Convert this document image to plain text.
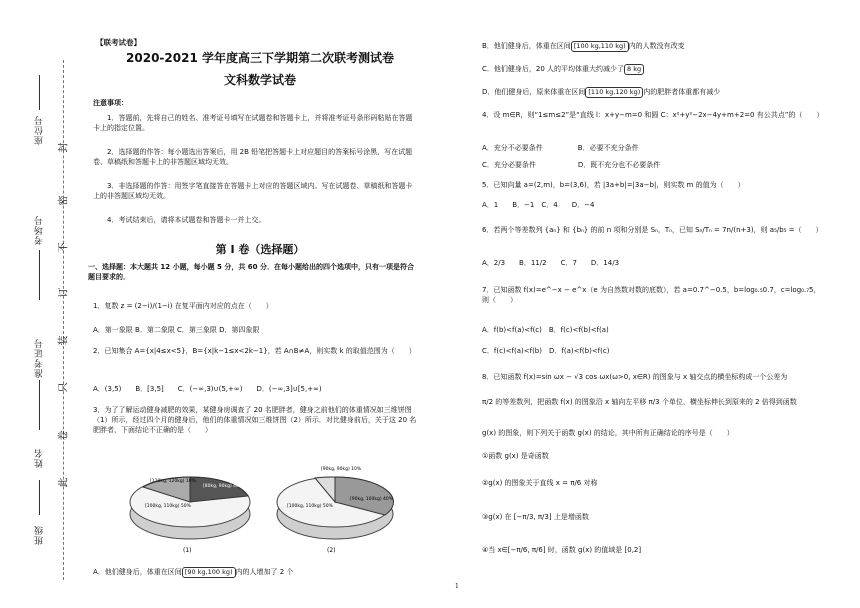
封
密
不
订
装
只
卷
此
座位号
考场号
准考证号
姓名
班级
【联考试卷】
2020-2021 学年度高三下学期第二次联考测试卷
文科数学试卷
注意事项：
1．答题前，先将自己的姓名、准考证号填写在试题卷和答题卡上，并将准考证号条形码粘贴在答题卡上的指定位置。
2．选择题的作答：每小题选出答案后，用 2B 铅笔把答题卡上对应题目的答案标号涂黑，写在试题卷、草稿纸和答题卡上的非答题区域均无效。
3．非选择题的作答：用签字笔直接答在答题卡上对应的答题区域内。写在试题卷、草稿纸和答题卡上的非答题区域均无效。
4．考试结束后，请将本试题卷和答题卡一并上交。
第 I 卷（选择题）
一、选择题：本大题共 12 小题，每小题 5 分，共 60 分．在每小题给出的四个选项中，只有一项是符合题目要求的．
1．复数 z = (2−i)/(1−i) 在复平面内对应的点在（　　）
A．第一象限 B．第二象限 C．第三象限 D．第四象限
2．已知集合 A={x|4≤x<5}，B={x|k−1≤x<2k−1}，若 A∩B≠A，则实数 k 的取值范围为（　　）
A．(3,5)　　B．[3,5]　　C．(−∞,3)∪(5,+∞)　　D．(−∞,3]∪[5,+∞)
3．为了了解运动健身减肥的效果，某健身房调查了 20 名肥胖者，健身之前他们的体重情况如三维饼图（1）所示，经过四个月的健身后，他们的体重情况如三维饼图（2）所示．对比健身前后，关于这 20 名肥胖者，下面结论不正确的是（　　）
[110kg, 120kg) 10%
[100kg, 110kg) 50%
[80kg, 90kg) 40%
(1)
[90kg, 90kg) 10%
[90kg, 100kg) 40%
[100kg, 110kg) 50%
(2)
A．他们健身后，体重在区间 [90 kg,100 kg) 内的人增加了 2 个
B．他们健身后，体重在区间 [100 kg,110 kg) 内的人数没有改变
C．他们健身后，20 人的平均体重大约减少了 8 kg
D．他们健身后，原来体重在区间 [110 kg,120 kg) 内的肥胖者体重都有减少
4．设 m∈R，则“1≤m≤2”是“直线 l：x+y−m=0 和圆 C：x²+y²−2x−4y+m+2=0 有公共点”的（　　）
A．充分不必要条件　　　　　B．必要不充分条件
C．充分必要条件　　　　　　D．既不充分也不必要条件
5．已知向量 a=(2,m)，b=(3,6)，若 |3a+b|=|3a−b|，则实数 m 的值为（　　）
A．1　　B．−1　C．4　　D．−4
6．若两个等差数列 {aₙ} 和 {bₙ} 的前 n 项和分别是 Sₙ，Tₙ，已知 Sₙ/Tₙ = 7n/(n+3)，则 a₅/b₅ =（　　）
A．2/3　　B．11/2　　C．7　　D．14/3
7．已知函数 f(x)=e^−x − e^x（e 为自然数对数的底数），若 a=0.7^−0.5，b=log₀.₅0.7，c=log₀.₇5，则（　　）
A．f(b)<f(a)<f(c)　B．f(c)<f(b)<f(a)
C．f(c)<f(a)<f(b)　D．f(a)<f(b)<f(c)
8．已知函数 f(x)=sin ωx − √3 cos ωx(ω>0, x∈R) 的图象与 x 轴交点的横坐标构成一个公差为
π/2 的等差数列，把函数 f(x) 的图象沿 x 轴向左平移 π/3 个单位，横坐标伸长到原来的 2 倍得到函数
g(x) 的图象，则下列关于函数 g(x) 的结论，其中所有正确结论的序号是（　　）
①函数 g(x) 是奇函数
②g(x) 的图象关于直线 x = π/6 对称
③g(x) 在 [−π/3, π/3] 上是增函数
④当 x∈[−π/6, π/6] 时，函数 g(x) 的值域是 [0,2]
1
